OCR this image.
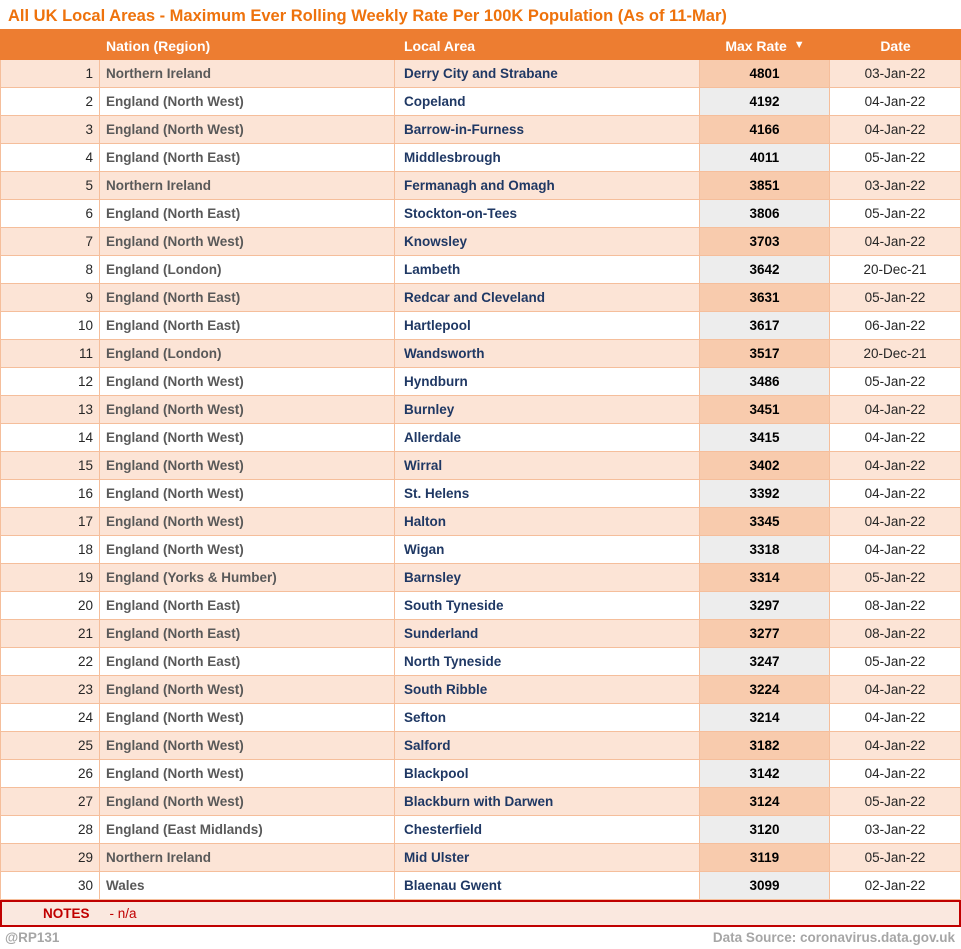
All UK Local Areas - Maximum Ever Rolling Weekly Rate Per 100K Population (As of 11-Mar)
Nation (Region)	Local Area	Max Rate ▼	Date
1 Northern Ireland	Derry City and Strabane	4801	03-Jan-22
2 England (North West)	Copeland	4192	04-Jan-22
3 England (North West)	Barrow-in-Furness	4166	04-Jan-22
4 England (North East)	Middlesbrough	4011	05-Jan-22
5 Northern Ireland	Fermanagh and Omagh	3851	03-Jan-22
6 England (North East)	Stockton-on-Tees	3806	05-Jan-22
7 England (North West)	Knowsley	3703	04-Jan-22
8 England (London)	Lambeth	3642	20-Dec-21
9 England (North East)	Redcar and Cleveland	3631	05-Jan-22
10 England (North East)	Hartlepool	3617	06-Jan-22
11 England (London)	Wandsworth	3517	20-Dec-21
12 England (North West)	Hyndburn	3486	05-Jan-22
13 England (North West)	Burnley	3451	04-Jan-22
14 England (North West)	Allerdale	3415	04-Jan-22
15 England (North West)	Wirral	3402	04-Jan-22
16 England (North West)	St. Helens	3392	04-Jan-22
17 England (North West)	Halton	3345	04-Jan-22
18 England (North West)	Wigan	3318	04-Jan-22
19 England (Yorks & Humber)	Barnsley	3314	05-Jan-22
20 England (North East)	South Tyneside	3297	08-Jan-22
21 England (North East)	Sunderland	3277	08-Jan-22
22 England (North East)	North Tyneside	3247	05-Jan-22
23 England (North West)	South Ribble	3224	04-Jan-22
24 England (North West)	Sefton	3214	04-Jan-22
25 England (North West)	Salford	3182	04-Jan-22
26 England (North West)	Blackpool	3142	04-Jan-22
27 England (North West)	Blackburn with Darwen	3124	05-Jan-22
28 England (East Midlands)	Chesterfield	3120	03-Jan-22
29 Northern Ireland	Mid Ulster	3119	05-Jan-22
30 Wales	Blaenau Gwent	3099	02-Jan-22
NOTES - n/a
@RP131	Data Source: coronavirus.data.gov.uk
